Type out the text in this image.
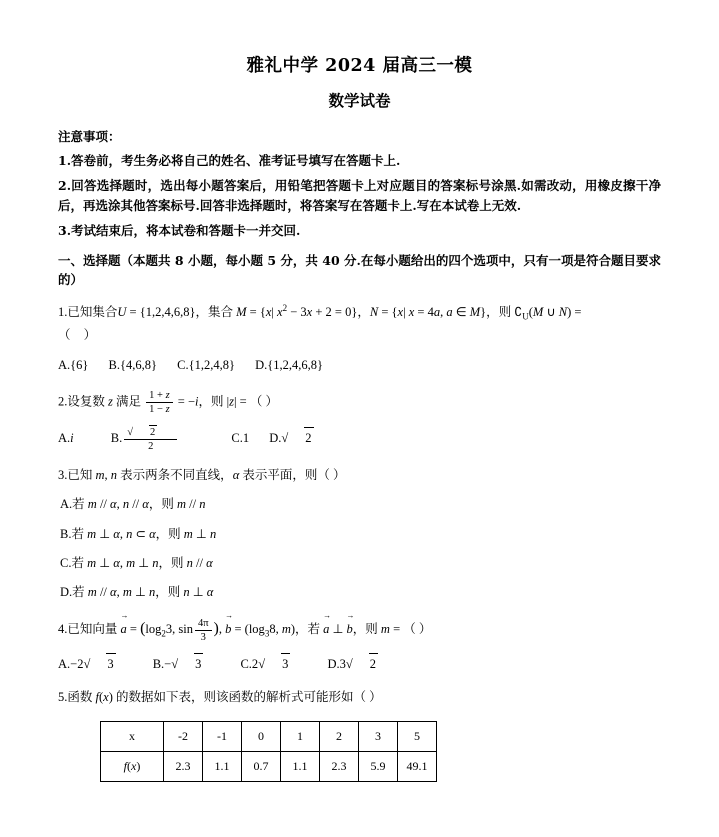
雅礼中学 2024 届高三一模
数学试卷
注意事项：
1.答卷前，考生务必将自己的姓名、准考证号填写在答题卡上.
2.回答选择题时，选出每小题答案后，用铅笔把答题卡上对应题目的答案标号涂黑.如需改动，用橡皮擦干净后，再选涂其他答案标号.回答非选择题时，将答案写在答题卡上.写在本试卷上无效.
3.考试结束后，将本试卷和答题卡一并交回.
一、选择题（本题共 8 小题，每小题 5 分，共 40 分.在每小题给出的四个选项中，只有一项是符合题目要求的）
1.已知集合U = {1,2,4,6,8}，集合 M = {x| $x^2 - 3x + 2 = 0$}，N = {x| x = 4a, a ∈ M}，则 $∁_U(M$ ∪ N) =
（ ）
A.{6} B.{4,6,8} C.{1,2,4,8} D.{1,2,4,6,8}
2.设复数 z 满足 $\frac{1 + z}{1 - z} = -i$，则 |z| = （ ）
A.i	B. $\frac{√ 2}{2}$	C.1 D.√ 2
3.已知 m, n 表示两条不同直线，α 表示平面，则（ ）
A.若 m // α, n // α，则 m // n
B.若 m ⊥ α, n ⊂ α，则 m ⊥ n
C.若 m ⊥ α, m ⊥ n，则 n // α
D.若 m // α, m ⊥ n，则 n ⊥ α
4.已知向量 a → = ($\log_23$, $\sin \frac{4\pi}{3}$ ), b → = ($\log_38$, m)，若 a → ⊥ b →，则 m = （ ）
A.−2√ 3	B.−√ 3	C.2√ 3	D.3√ 2
5.函数 f(x) 的数据如下表，则该函数的解析式可能形如（ ）
x	-2	-1	0	1	2	3	5
f(x)	2.3	1.1	0.7	1.1	2.3	5.9	49.1
